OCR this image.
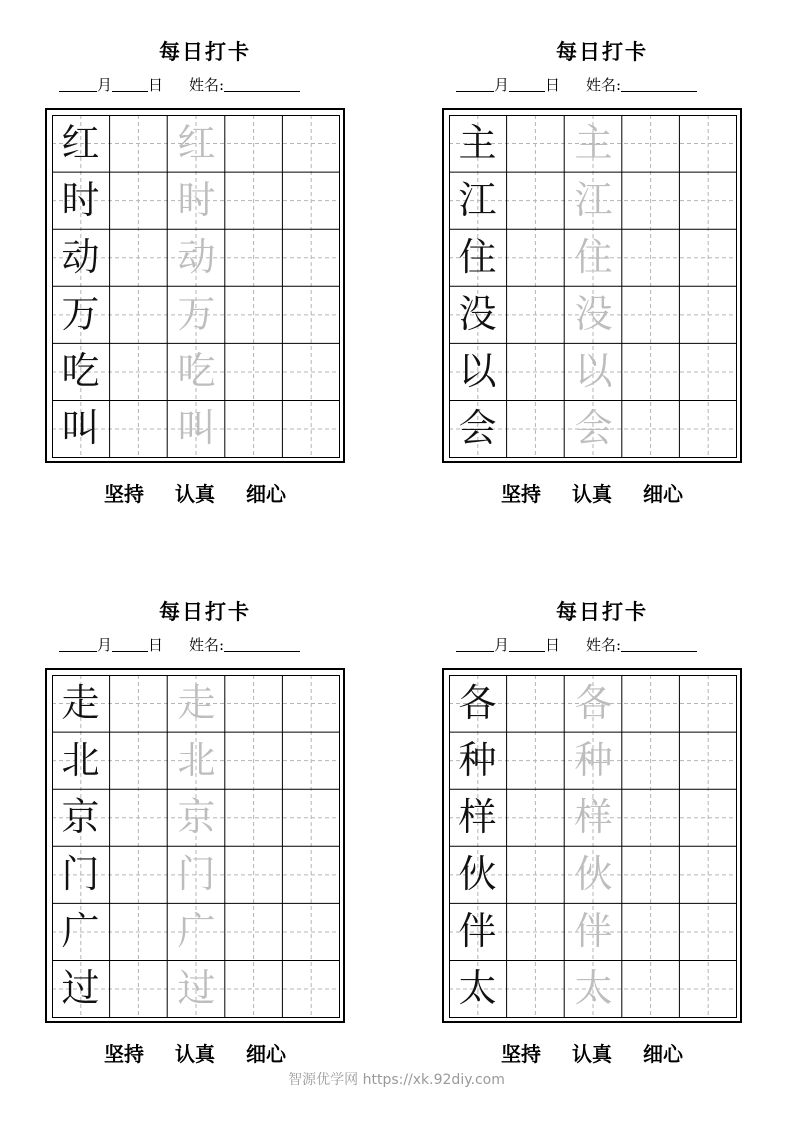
每日打卡
月 日 姓名:
红 红
时 时
动 动
万 万
吃 吃
叫 叫
坚持 认真 细心
每日打卡
月 日 姓名:
主 主
江 江
住 住
没 没
以 以
会 会
坚持 认真 细心
每日打卡
月 日 姓名:
走 走
北 北
京 京
门 门
广 广
过 过
坚持 认真 细心
每日打卡
月 日 姓名:
各 各
种 种
样 样
伙 伙
伴 伴
太 太
坚持 认真 细心
智源优学网 https://xk.92diy.com
